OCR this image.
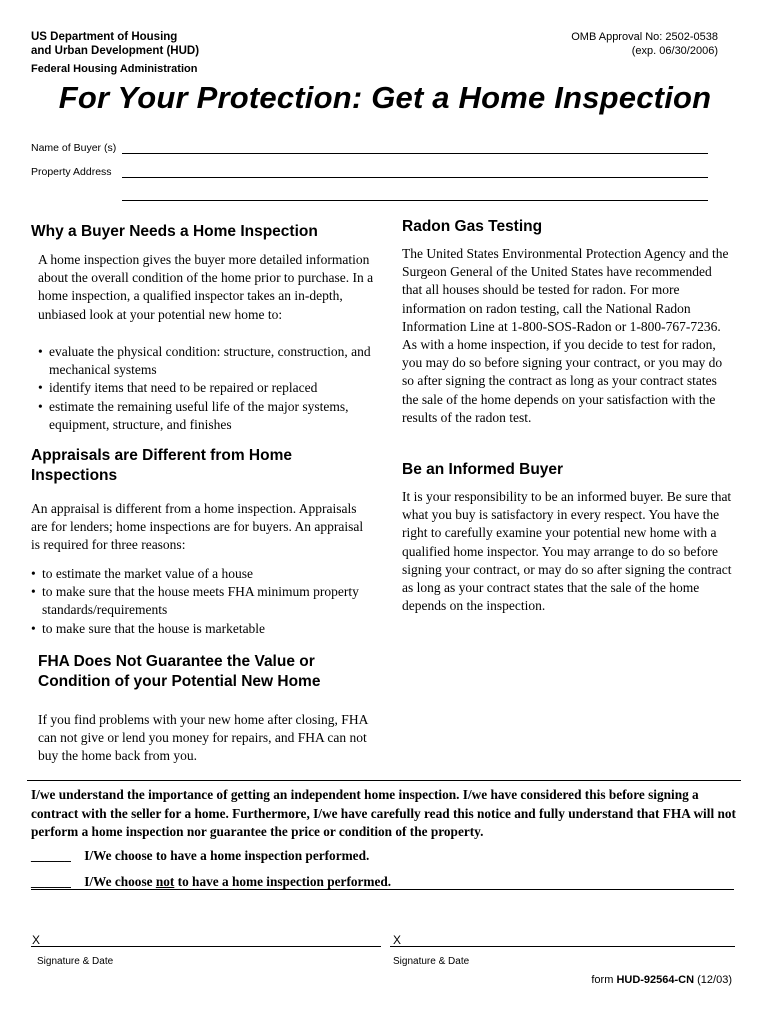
US Department of Housing
and Urban Development (HUD)
Federal Housing Administration
OMB Approval No: 2502-0538
(exp. 06/30/2006)
For Your Protection: Get a Home Inspection
Name of Buyer (s)
Property Address
Why a Buyer Needs a Home Inspection
A home inspection gives the buyer more detailed information about the overall condition of the home prior to purchase. In a home inspection, a qualified inspector takes an in-depth, unbiased look at your potential new home to:
• evaluate the physical condition: structure, construction, and mechanical systems
• identify items that need to be repaired or replaced
• estimate the remaining useful life of the major systems, equipment, structure, and finishes
Appraisals are Different from Home Inspections
An appraisal is different from a home inspection. Appraisals are for lenders; home inspections are for buyers. An appraisal is required for three reasons:
• to estimate the market value of a house
• to make sure that the house meets FHA minimum property standards/requirements
• to make sure that the house is marketable
FHA Does Not Guarantee the Value or Condition of your Potential New Home
If you find problems with your new home after closing, FHA can not give or lend you money for repairs, and FHA can not buy the home back from you.
Radon Gas Testing
The United States Environmental Protection Agency and the Surgeon General of the United States have recommended that all houses should be tested for radon. For more information on radon testing, call the National Radon Information Line at 1-800-SOS-Radon or 1-800-767-7236. As with a home inspection, if you decide to test for radon, you may do so before signing your contract, or you may do so after signing the contract as long as your contract states the sale of the home depends on your satisfaction with the results of the radon test.
Be an Informed Buyer
It is your responsibility to be an informed buyer. Be sure that what you buy is satisfactory in every respect. You have the right to carefully examine your potential new home with a qualified home inspector. You may arrange to do so before signing your contract, or may do so after signing the contract as long as your contract states that the sale of the home depends on the inspection.
I/we understand the importance of getting an independent home inspection. I/we have considered this before signing a contract with the seller for a home. Furthermore, I/we have carefully read this notice and fully understand that FHA will not perform a home inspection nor guarantee the price or condition of the property.
______ I/We choose to have a home inspection performed.
______ I/We choose not to have a home inspection performed.
X
Signature & Date
X
Signature & Date
form HUD-92564-CN (12/03)
